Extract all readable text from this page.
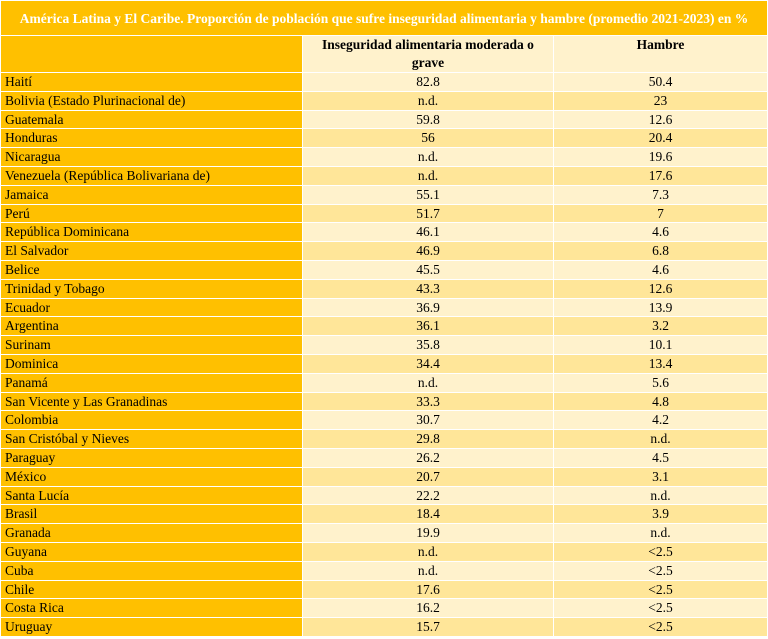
América Latina y El Caribe. Proporción de población que sufre inseguridad alimentaria y hambre (promedio 2021-2023) en %		
	Inseguridad alimentaria moderada o grave	Hambre
Haití	82.8	50.4
Bolivia (Estado Plurinacional de)	n.d.	23
Guatemala	59.8	12.6
Honduras	56	20.4
Nicaragua	n.d.	19.6
Venezuela (República Bolivariana de)	n.d.	17.6
Jamaica	55.1	7.3
Perú	51.7	7
República Dominicana	46.1	4.6
El Salvador	46.9	6.8
Belice	45.5	4.6
Trinidad y Tobago	43.3	12.6
Ecuador	36.9	13.9
Argentina	36.1	3.2
Surinam	35.8	10.1
Dominica	34.4	13.4
Panamá	n.d.	5.6
San Vicente y Las Granadinas	33.3	4.8
Colombia	30.7	4.2
San Cristóbal y Nieves	29.8	n.d.
Paraguay	26.2	4.5
México	20.7	3.1
Santa Lucía	22.2	n.d.
Brasil	18.4	3.9
Granada	19.9	n.d.
Guyana	n.d.	<2.5
Cuba	n.d.	<2.5
Chile	17.6	<2.5
Costa Rica	16.2	<2.5
Uruguay	15.7	<2.5
